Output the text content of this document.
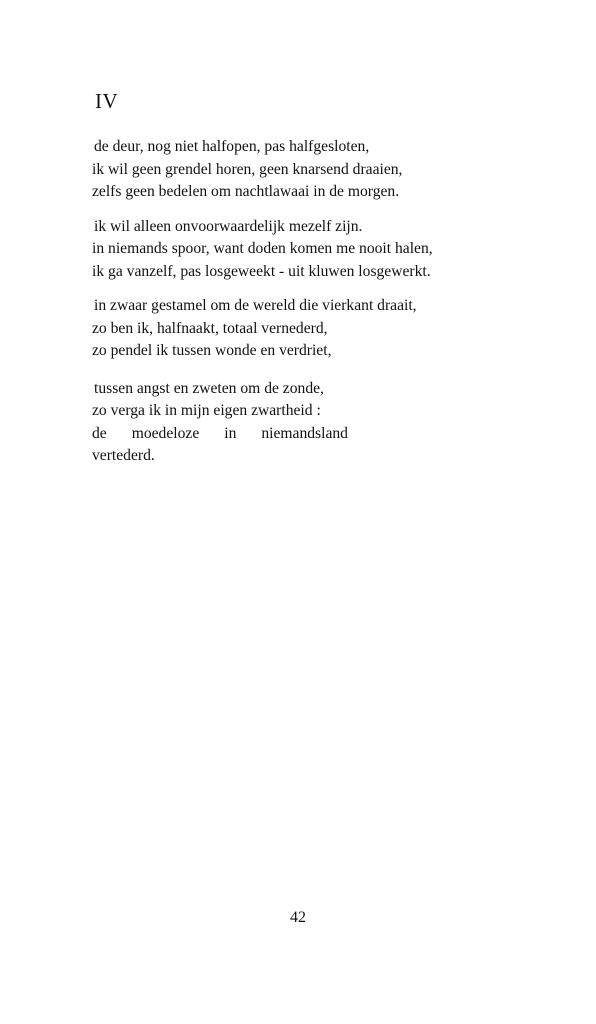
IV
de deur, nog niet halfopen, pas halfgesloten,
ik wil geen grendel horen, geen knarsend draaien,
zelfs geen bedelen om nachtlawaai in de morgen.
ik wil alleen onvoorwaardelijk mezelf zijn.
in niemands spoor, want doden komen me nooit halen,
ik ga vanzelf, pas losgeweekt - uit kluwen losgewerkt.
in zwaar gestamel om de wereld die vierkant draait,
zo ben ik, halfnaakt, totaal vernederd,
zo pendel ik tussen wonde en verdriet,
tussen angst en zweten om de zonde,
zo verga ik in mijn eigen zwartheid :
de moedeloze in niemandsland
vertederd.
42
